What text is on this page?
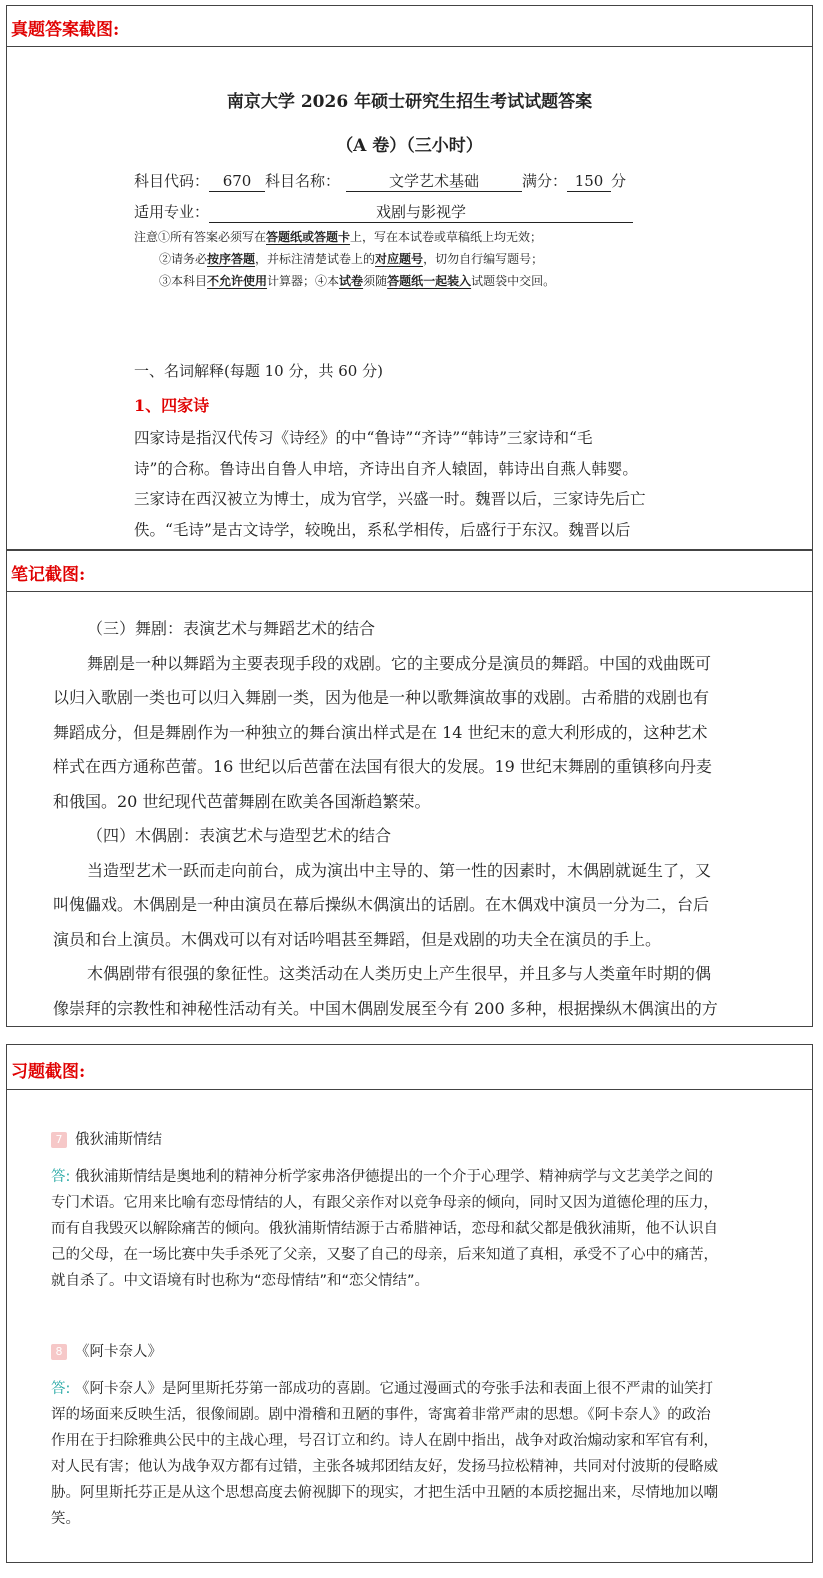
真题答案截图:
南京大学 2026 年硕士研究生招生考试试题答案
（A 卷）（三小时）
科目代码： 670 科目名称：	文学艺术基础	满分： 150 分
适用专业：	戏剧与影视学
注意①所有答案必须写在答题纸或答题卡上，写在本试卷或草稿纸上均无效；
②请务必按序答题，并标注清楚试卷上的对应题号，切勿自行编写题号；
③本科目不允许使用计算器；④本试卷须随答题纸一起装入试题袋中交回。
一、名词解释(每题 10 分，共 60 分)
1、四家诗
四家诗是指汉代传习《诗经》的中“鲁诗”“齐诗”“韩诗”三家诗和“毛
诗”的合称。鲁诗出自鲁人申培，齐诗出自齐人辕固，韩诗出自燕人韩婴。
三家诗在西汉被立为博士，成为官学，兴盛一时。魏晋以后，三家诗先后亡
佚。“毛诗”是古文诗学，较晚出，系私学相传，后盛行于东汉。魏晋以后
笔记截图:
（三）舞剧：表演艺术与舞蹈艺术的结合
舞剧是一种以舞蹈为主要表现手段的戏剧。它的主要成分是演员的舞蹈。中国的戏曲既可
以归入歌剧一类也可以归入舞剧一类，因为他是一种以歌舞演故事的戏剧。古希腊的戏剧也有
舞蹈成分，但是舞剧作为一种独立的舞台演出样式是在 14 世纪末的意大利形成的，这种艺术
样式在西方通称芭蕾。16 世纪以后芭蕾在法国有很大的发展。19 世纪末舞剧的重镇移向丹麦
和俄国。20 世纪现代芭蕾舞剧在欧美各国渐趋繁荣。
（四）木偶剧：表演艺术与造型艺术的结合
当造型艺术一跃而走向前台，成为演出中主导的、第一性的因素时，木偶剧就诞生了，又
叫傀儡戏。木偶剧是一种由演员在幕后操纵木偶演出的话剧。在木偶戏中演员一分为二，台后
演员和台上演员。木偶戏可以有对话吟唱甚至舞蹈，但是戏剧的功夫全在演员的手上。
木偶剧带有很强的象征性。这类活动在人类历史上产生很早，并且多与人类童年时期的偶
像崇拜的宗教性和神秘性活动有关。中国木偶剧发展至今有 200 多种，根据操纵木偶演出的方
习题截图:
7 俄狄浦斯情结
答: 俄狄浦斯情结是奥地利的精神分析学家弗洛伊德提出的一个介于心理学、精神病学与文艺美学之间的
专门术语。它用来比喻有恋母情结的人，有跟父亲作对以竞争母亲的倾向，同时又因为道德伦理的压力，
而有自我毁灭以解除痛苦的倾向。俄狄浦斯情结源于古希腊神话，恋母和弑父都是俄狄浦斯，他不认识自
己的父母，在一场比赛中失手杀死了父亲，又娶了自己的母亲，后来知道了真相，承受不了心中的痛苦，
就自杀了。中文语境有时也称为“恋母情结”和“恋父情结”。
8 《阿卡奈人》
答: 《阿卡奈人》是阿里斯托芬第一部成功的喜剧。它通过漫画式的夸张手法和表面上很不严肃的讪笑打
诨的场面来反映生活，很像闹剧。剧中滑稽和丑陋的事件，寄寓着非常严肃的思想。《阿卡奈人》的政治
作用在于扫除雅典公民中的主战心理，号召订立和约。诗人在剧中指出，战争对政治煽动家和军官有利，
对人民有害；他认为战争双方都有过错，主张各城邦团结友好，发扬马拉松精神，共同对付波斯的侵略威
胁。阿里斯托芬正是从这个思想高度去俯视脚下的现实，才把生活中丑陋的本质挖掘出来，尽情地加以嘲
笑。
